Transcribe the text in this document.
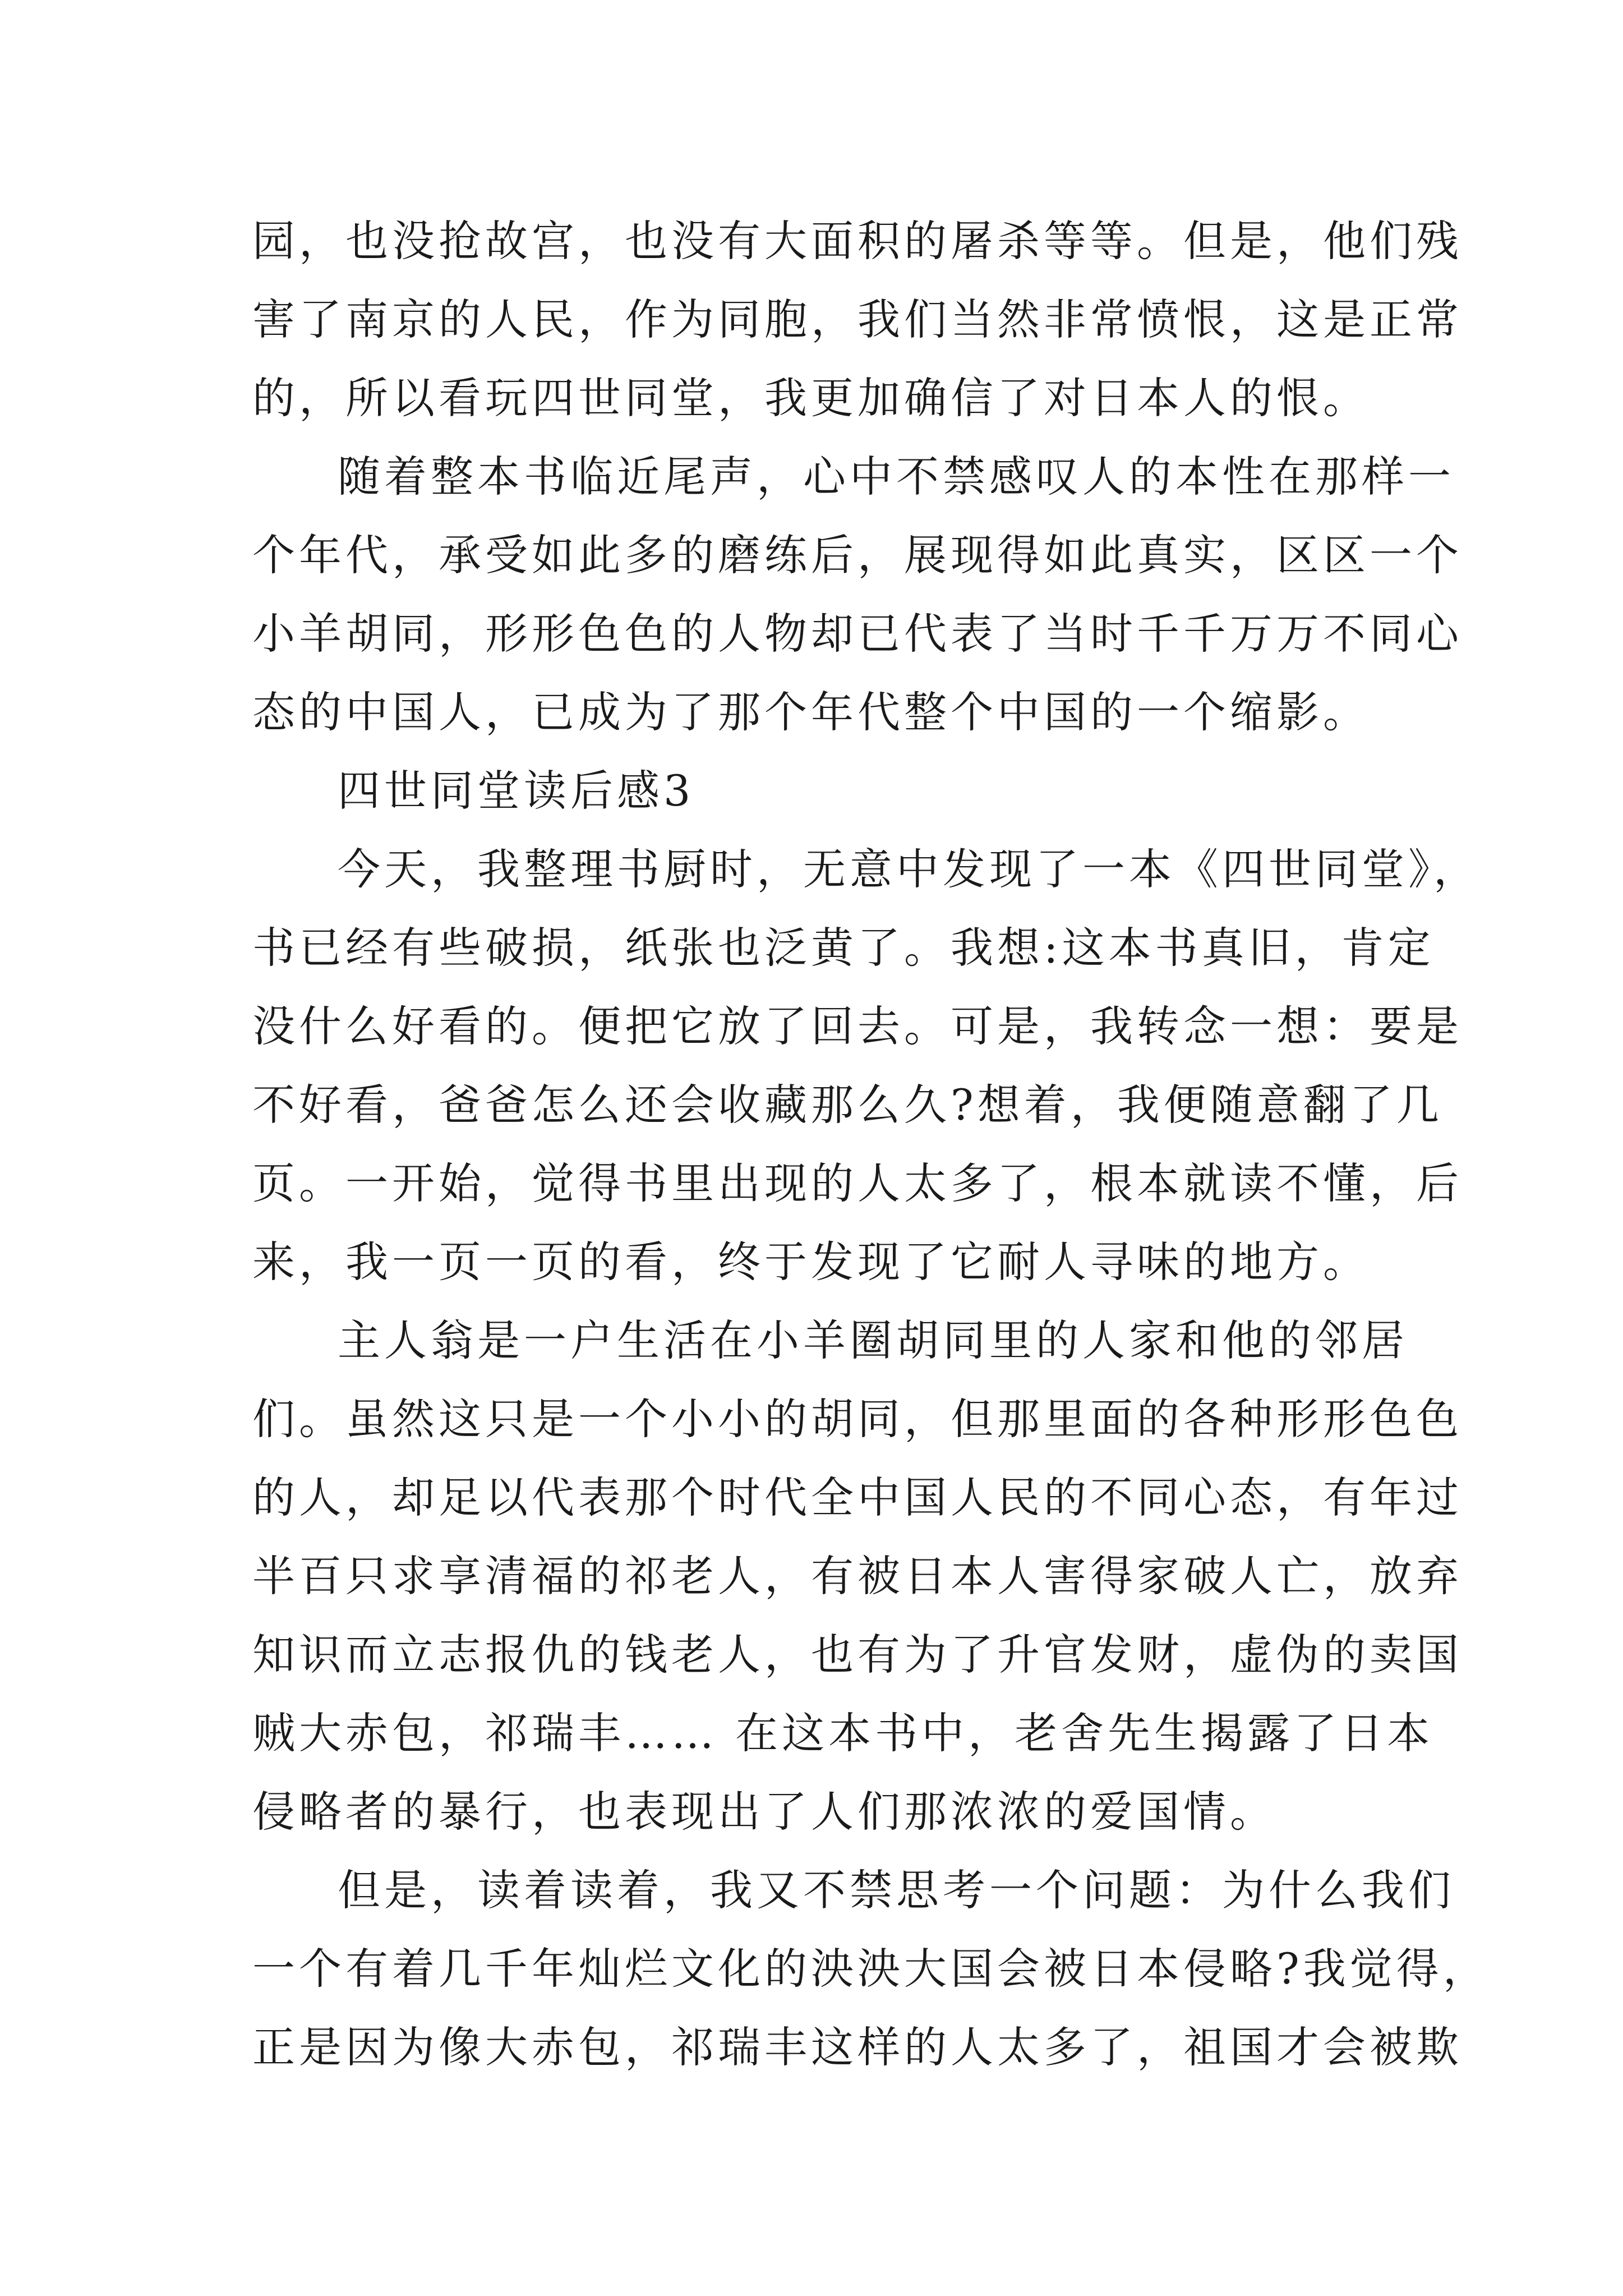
园，也没抢故宫，也没有大面积的屠杀等等。但是，他们残
害了南京的人民，作为同胞，我们当然非常愤恨，这是正常
的，所以看玩四世同堂，我更加确信了对日本人的恨。
随着整本书临近尾声，心中不禁感叹人的本性在那样一
个年代，承受如此多的磨练后，展现得如此真实，区区一个
小羊胡同，形形色色的人物却已代表了当时千千万万不同心
态的中国人，已成为了那个年代整个中国的一个缩影。
四世同堂读后感3
今天，我整理书厨时，无意中发现了一本《四世同堂》，
书已经有些破损，纸张也泛黄了。我想:这本书真旧，肯定
没什么好看的。便把它放了回去。可是，我转念一想：要是
不好看，爸爸怎么还会收藏那么久?想着，我便随意翻了几
页。一开始，觉得书里出现的人太多了，根本就读不懂，后
来，我一页一页的看，终于发现了它耐人寻味的地方。
主人翁是一户生活在小羊圈胡同里的人家和他的邻居
们。虽然这只是一个小小的胡同，但那里面的各种形形色色
的人，却足以代表那个时代全中国人民的不同心态，有年过
半百只求享清福的祁老人，有被日本人害得家破人亡，放弃
知识而立志报仇的钱老人，也有为了升官发财，虚伪的卖国
贼大赤包，祁瑞丰…… 在这本书中，老舍先生揭露了日本
侵略者的暴行，也表现出了人们那浓浓的爱国情。
但是，读着读着，我又不禁思考一个问题：为什么我们
一个有着几千年灿烂文化的泱泱大国会被日本侵略?我觉得，
正是因为像大赤包，祁瑞丰这样的人太多了，祖国才会被欺
